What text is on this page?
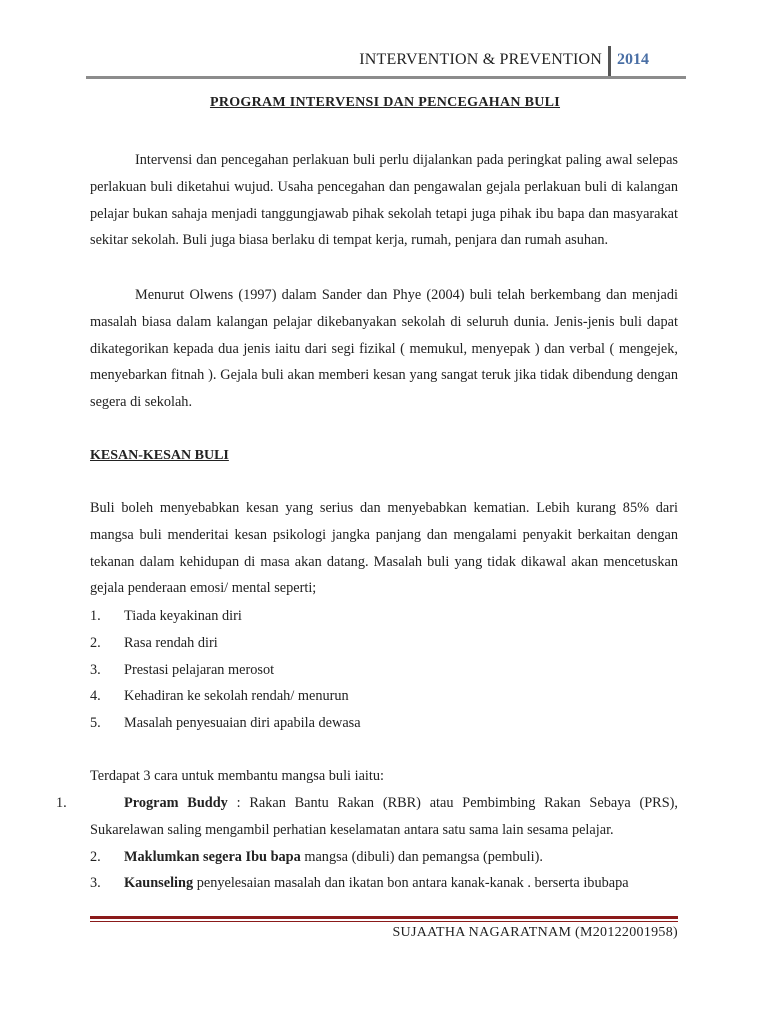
INTERVENTION & PREVENTION 2014
PROGRAM INTERVENSI DAN PENCEGAHAN BULI
Intervensi dan pencegahan perlakuan buli perlu dijalankan pada peringkat paling awal selepas perlakuan buli diketahui wujud. Usaha pencegahan dan pengawalan gejala perlakuan buli di kalangan pelajar bukan sahaja menjadi tanggungjawab pihak sekolah tetapi juga pihak ibu bapa dan masyarakat sekitar sekolah. Buli juga biasa berlaku di tempat kerja, rumah, penjara dan rumah asuhan.
Menurut Olwens (1997) dalam Sander dan Phye (2004) buli telah berkembang dan menjadi masalah biasa dalam kalangan pelajar dikebanyakan sekolah di seluruh dunia. Jenis-jenis buli dapat dikategorikan kepada dua jenis iaitu dari segi fizikal ( memukul, menyepak ) dan verbal ( mengejek, menyebarkan fitnah ). Gejala buli akan memberi kesan yang sangat teruk jika tidak dibendung dengan segera di sekolah.
KESAN-KESAN BULI
Buli boleh menyebabkan kesan yang serius dan menyebabkan kematian. Lebih kurang 85% dari mangsa buli menderitai kesan psikologi jangka panjang dan mengalami penyakit berkaitan dengan tekanan dalam kehidupan di masa akan datang. Masalah buli yang tidak dikawal akan mencetuskan gejala penderaan emosi/ mental seperti;
1. Tiada keyakinan diri
2. Rasa rendah diri
3. Prestasi pelajaran merosot
4. Kehadiran ke sekolah rendah/ menurun
5. Masalah penyesuaian diri apabila dewasa
Terdapat 3 cara untuk membantu mangsa buli iaitu:
1.	Program Buddy : Rakan Bantu Rakan (RBR) atau Pembimbing Rakan Sebaya (PRS), Sukarelawan saling mengambil perhatian keselamatan antara satu sama lain sesama pelajar.
2. Maklumkan segera Ibu bapa mangsa (dibuli) dan pemangsa (pembuli).
3. Kaunseling penyelesaian masalah dan ikatan bon antara kanak-kanak . berserta ibubapa
SUJAATHA NAGARATNAM (M20122001958)
